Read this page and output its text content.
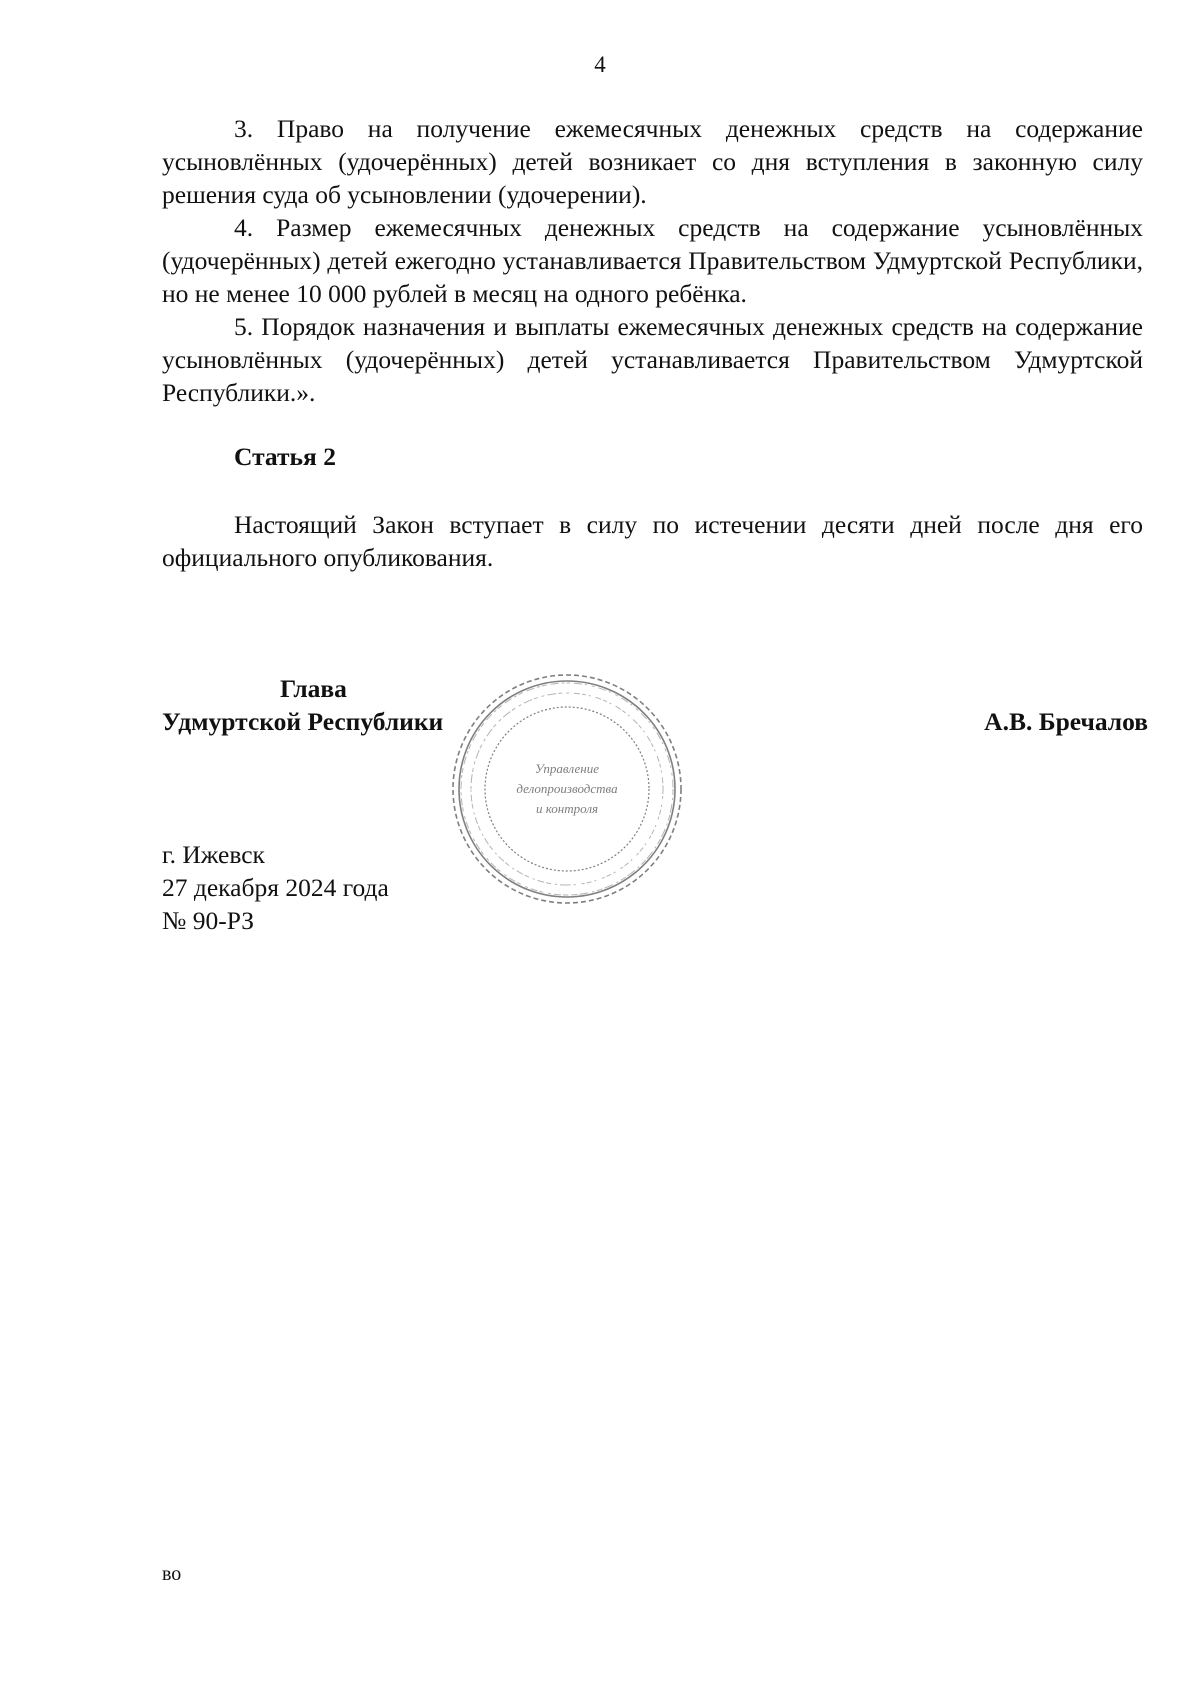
4

3. Право на получение ежемесячных денежных средств на содержание усыновлённых (удочерённых) детей возникает со дня вступления в законную силу решения суда об усыновлении (удочерении).

4. Размер ежемесячных денежных средств на содержание усыновлённых (удочерённых) детей ежегодно устанавливается Правительством Удмуртской Республики, но не менее 10 000 рублей в месяц на одного ребёнка.

5. Порядок назначения и выплаты ежемесячных денежных средств на содержание усыновлённых (удочерённых) детей устанавливается Правительством Удмуртской Республики.».

Статья 2

Настоящий Закон вступает в силу по истечении десяти дней после дня его официального опубликования.

Глава
Удмуртской Республики	А.В. Бречалов
Управление
делопроизводства
и контроля
г. Ижевск
27 декабря 2024 года
№ 90-РЗ
во
